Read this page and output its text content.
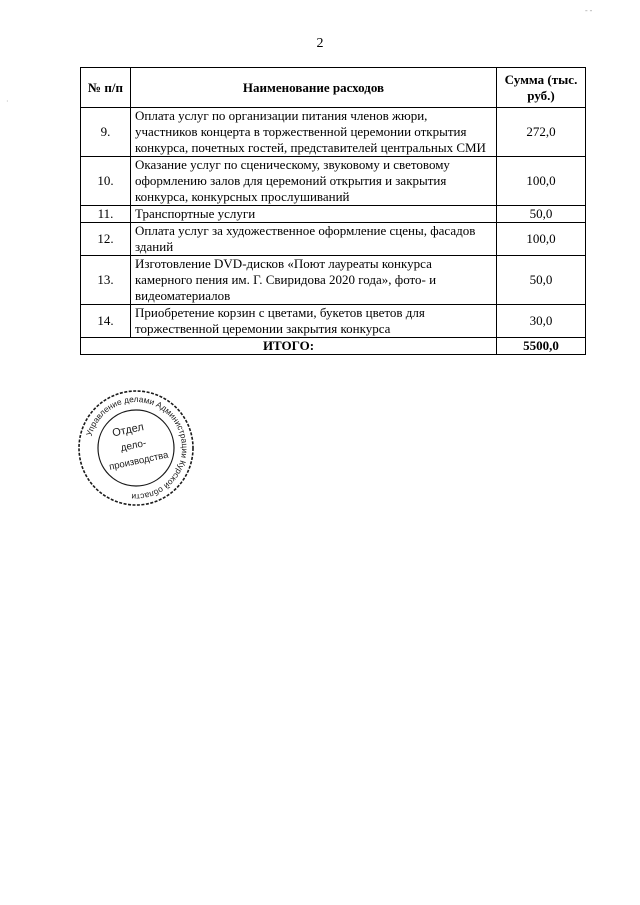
- -
·
2
№ п/п	Наименование расходов	Сумма (тыс. руб.)
9.	Оплата услуг по организации питания членов жюри, участников концерта в торжественной церемонии открытия конкурса, почетных гостей, представителей центральных СМИ	272,0
10.	Оказание услуг по сценическому, звуковому и световому оформлению залов для церемоний открытия и закрытия конкурса, конкурсных прослушиваний	100,0
11.	Транспортные услуги	50,0
12.	Оплата услуг за художественное оформление сцены, фасадов зданий	100,0
13.	Изготовление DVD-дисков «Поют лауреаты конкурса камерного пения им. Г. Свиридова 2020 года», фото- и видеоматериалов	50,0
14.	Приобретение корзин с цветами, букетов цветов для торжественной церемонии закрытия конкурса	30,0
ИТОГО:		5500,0
Управление делами Администрации Курской области
Отдел
дело-
производства
